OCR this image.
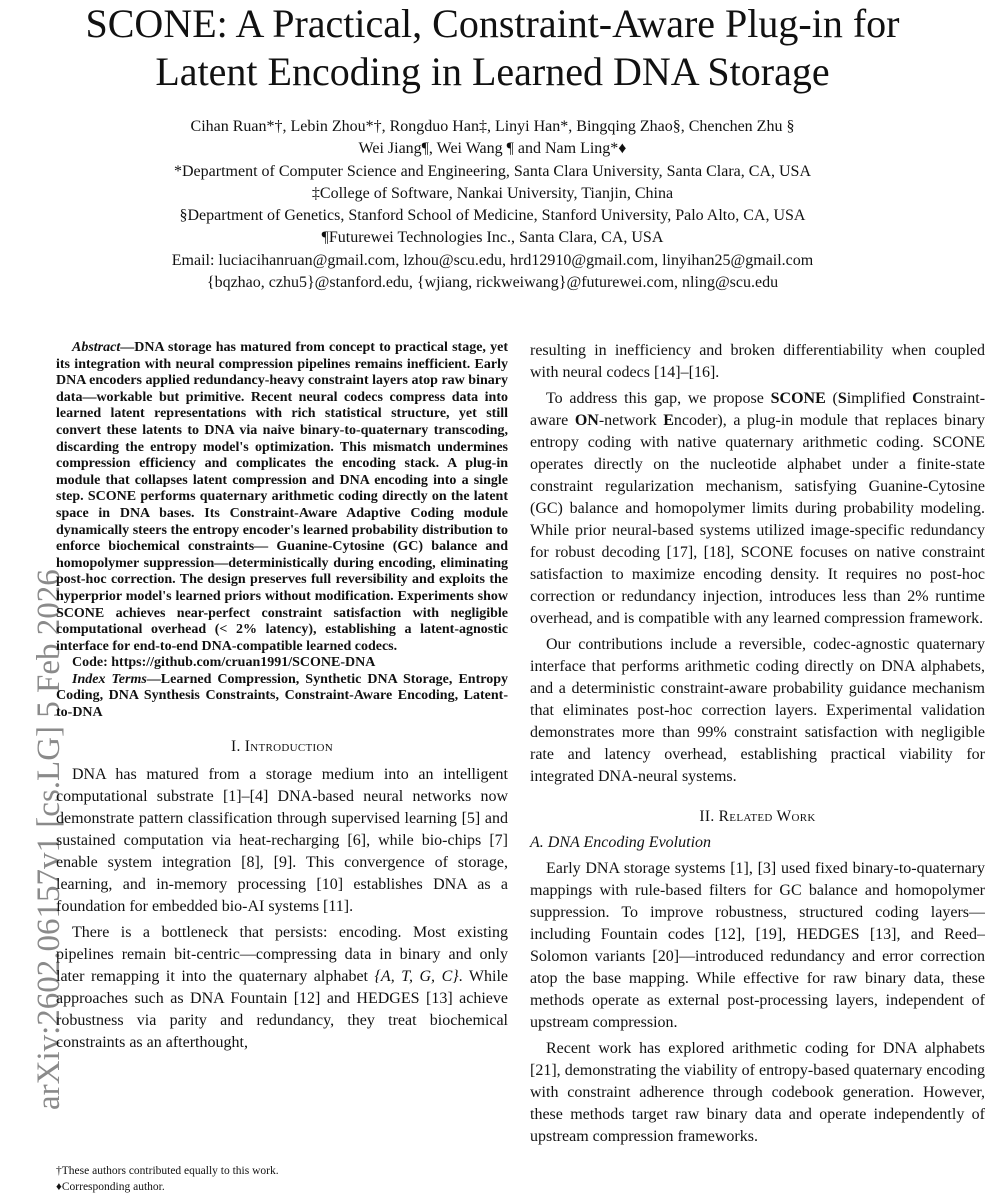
arXiv:2602.06157v1 [cs.LG] 5 Feb 2026
SCONE: A Practical, Constraint-Aware Plug-in for
Latent Encoding in Learned DNA Storage
Cihan Ruan*†, Lebin Zhou*†, Rongduo Han‡, Linyi Han*, Bingqing Zhao§, Chenchen Zhu §
Wei Jiang¶, Wei Wang ¶ and Nam Ling*♦
*Department of Computer Science and Engineering, Santa Clara University, Santa Clara, CA, USA
‡College of Software, Nankai University, Tianjin, China
§Department of Genetics, Stanford School of Medicine, Stanford University, Palo Alto, CA, USA
¶Futurewei Technologies Inc., Santa Clara, CA, USA
Email: luciacihanruan@gmail.com, lzhou@scu.edu, hrd12910@gmail.com, linyihan25@gmail.com
{bqzhao, czhu5}@stanford.edu, {wjiang, rickweiwang}@futurewei.com, nling@scu.edu

Abstract—DNA storage has matured from concept to practical stage, yet its integration with neural compression pipelines remains inefficient. Early DNA encoders applied redundancy-heavy constraint layers atop raw binary data—workable but primitive. Recent neural codecs compress data into learned latent representations with rich statistical structure, yet still convert these latents to DNA via naive binary-to-quaternary transcoding, discarding the entropy model's optimization. This mismatch undermines compression efficiency and complicates the encoding stack. A plug-in module that collapses latent compression and DNA encoding into a single step. SCONE performs quaternary arithmetic coding directly on the latent space in DNA bases. Its Constraint-Aware Adaptive Coding module dynamically steers the entropy encoder's learned probability distribution to enforce biochemical constraints— Guanine-Cytosine (GC) balance and homopolymer suppression—deterministically during encoding, eliminating post-hoc correction. The design preserves full reversibility and exploits the hyperprior model's learned priors without modification. Experiments show SCONE achieves near-perfect constraint satisfaction with negligible computational overhead (< 2% latency), establishing a latent-agnostic interface for end-to-end DNA-compatible learned codecs.

Code: https://github.com/cruan1991/SCONE-DNA

Index Terms—Learned Compression, Synthetic DNA Storage, Entropy Coding, DNA Synthesis Constraints, Constraint-Aware Encoding, Latent-to-DNA

I. Introduction

DNA has matured from a storage medium into an intelligent computational substrate [1]–[4] DNA-based neural networks now demonstrate pattern classification through supervised learning [5] and sustained computation via heat-recharging [6], while bio-chips [7] enable system integration [8], [9]. This convergence of storage, learning, and in-memory processing [10] establishes DNA as a foundation for embedded bio-AI systems [11].

There is a bottleneck that persists: encoding. Most existing pipelines remain bit-centric—compressing data in binary and only later remapping it into the quaternary alphabet {A, T, G, C}. While approaches such as DNA Fountain [12] and HEDGES [13] achieve robustness via parity and redundancy, they treat biochemical constraints as an afterthought,

resulting in inefficiency and broken differentiability when coupled with neural codecs [14]–[16].

To address this gap, we propose SCONE (Simplified Constraint-aware ON-network Encoder), a plug-in module that replaces binary entropy coding with native quaternary arithmetic coding. SCONE operates directly on the nucleotide alphabet under a finite-state constraint regularization mechanism, satisfying Guanine-Cytosine (GC) balance and homopolymer limits during probability modeling. While prior neural-based systems utilized image-specific redundancy for robust decoding [17], [18], SCONE focuses on native constraint satisfaction to maximize encoding density. It requires no post-hoc correction or redundancy injection, introduces less than 2% runtime overhead, and is compatible with any learned compression framework.

Our contributions include a reversible, codec-agnostic quaternary interface that performs arithmetic coding directly on DNA alphabets, and a deterministic constraint-aware probability guidance mechanism that eliminates post-hoc correction layers. Experimental validation demonstrates more than 99% constraint satisfaction with negligible rate and latency overhead, establishing practical viability for integrated DNA-neural systems.

II. Related Work
A. DNA Encoding Evolution

Early DNA storage systems [1], [3] used fixed binary-to-quaternary mappings with rule-based filters for GC balance and homopolymer suppression. To improve robustness, structured coding layers—including Fountain codes [12], [19], HEDGES [13], and Reed–Solomon variants [20]—introduced redundancy and error correction atop the base mapping. While effective for raw binary data, these methods operate as external post-processing layers, independent of upstream compression.

Recent work has explored arithmetic coding for DNA alphabets [21], demonstrating the viability of entropy-based quaternary encoding with constraint adherence through codebook generation. However, these methods target raw binary data and operate independently of upstream compression frameworks.

†These authors contributed equally to this work.
♦Corresponding author.
